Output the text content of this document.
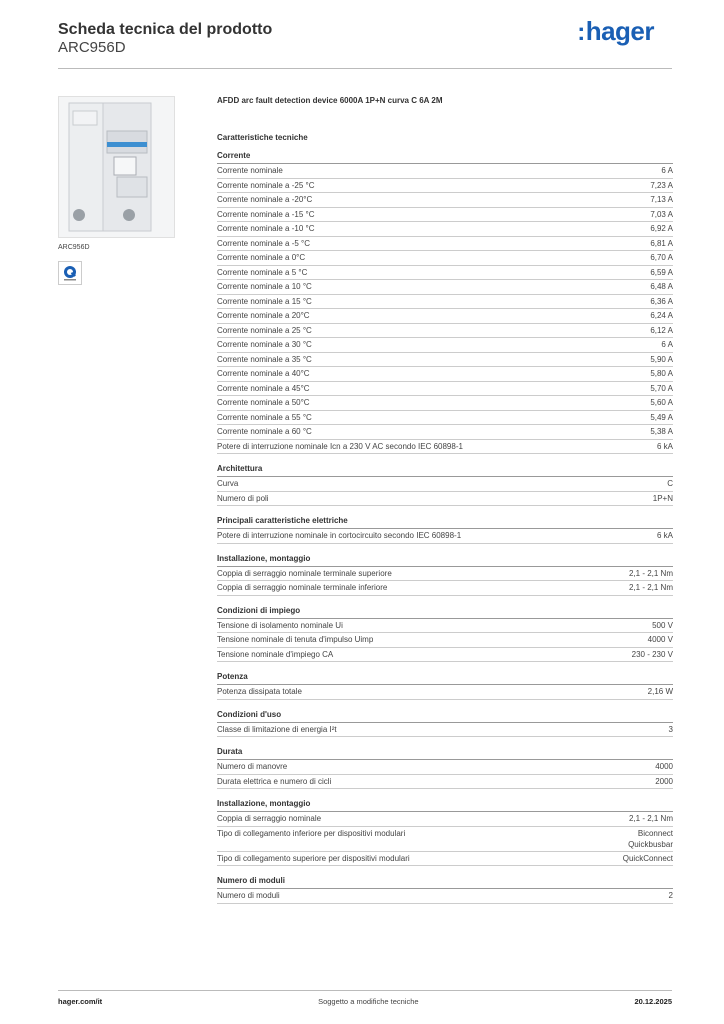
Scheda tecnica del prodotto

ARC956D

:hager
ARC956D
AFDD arc fault detection device 6000A 1P+N curva C 6A 2M
Caratteristiche tecniche
Corrente
Corrente nominale	6 A
Corrente nominale a -25 °C	7,23 A
Corrente nominale a -20°C	7,13 A
Corrente nominale a -15 °C	7,03 A
Corrente nominale a -10 °C	6,92 A
Corrente nominale a -5 °C	6,81 A
Corrente nominale a 0°C	6,70 A
Corrente nominale a 5 °C	6,59 A
Corrente nominale a 10 °C	6,48 A
Corrente nominale a 15 °C	6,36 A
Corrente nominale a 20°C	6,24 A
Corrente nominale a 25 °C	6,12 A
Corrente nominale a 30 °C	6 A
Corrente nominale a 35 °C	5,90 A
Corrente nominale a 40°C	5,80 A
Corrente nominale a 45°C	5,70 A
Corrente nominale a 50°C	5,60 A
Corrente nominale a 55 °C	5,49 A
Corrente nominale a 60 °C	5,38 A
Potere di interruzione nominale Icn a 230 V AC secondo IEC 60898-1	6 kA
Architettura
Curva	C
Numero di poli	1P+N
Principali caratteristiche elettriche
Potere di interruzione nominale in cortocircuito secondo IEC 60898-1	6 kA
Installazione, montaggio
Coppia di serraggio nominale terminale superiore	2,1 - 2,1 Nm
Coppia di serraggio nominale terminale inferiore	2,1 - 2,1 Nm
Condizioni di impiego
Tensione di isolamento nominale Ui	500 V
Tensione nominale di tenuta d'impulso Uimp	4000 V
Tensione nominale d'impiego CA	230 - 230 V
Potenza
Potenza dissipata totale	2,16 W
Condizioni d'uso
Classe di limitazione di energia I²t	3
Durata
Numero di manovre	4000
Durata elettrica e numero di cicli	2000
Installazione, montaggio
Coppia di serraggio nominale	2,1 - 2,1 Nm
Tipo di collegamento inferiore per dispositivi modulari	Biconnect
Quickbusbar
Tipo di collegamento superiore per dispositivi modulari	QuickConnect
Numero di moduli
Numero di moduli	2
hager.com/it	Soggetto a modifiche tecniche	20.12.2025
